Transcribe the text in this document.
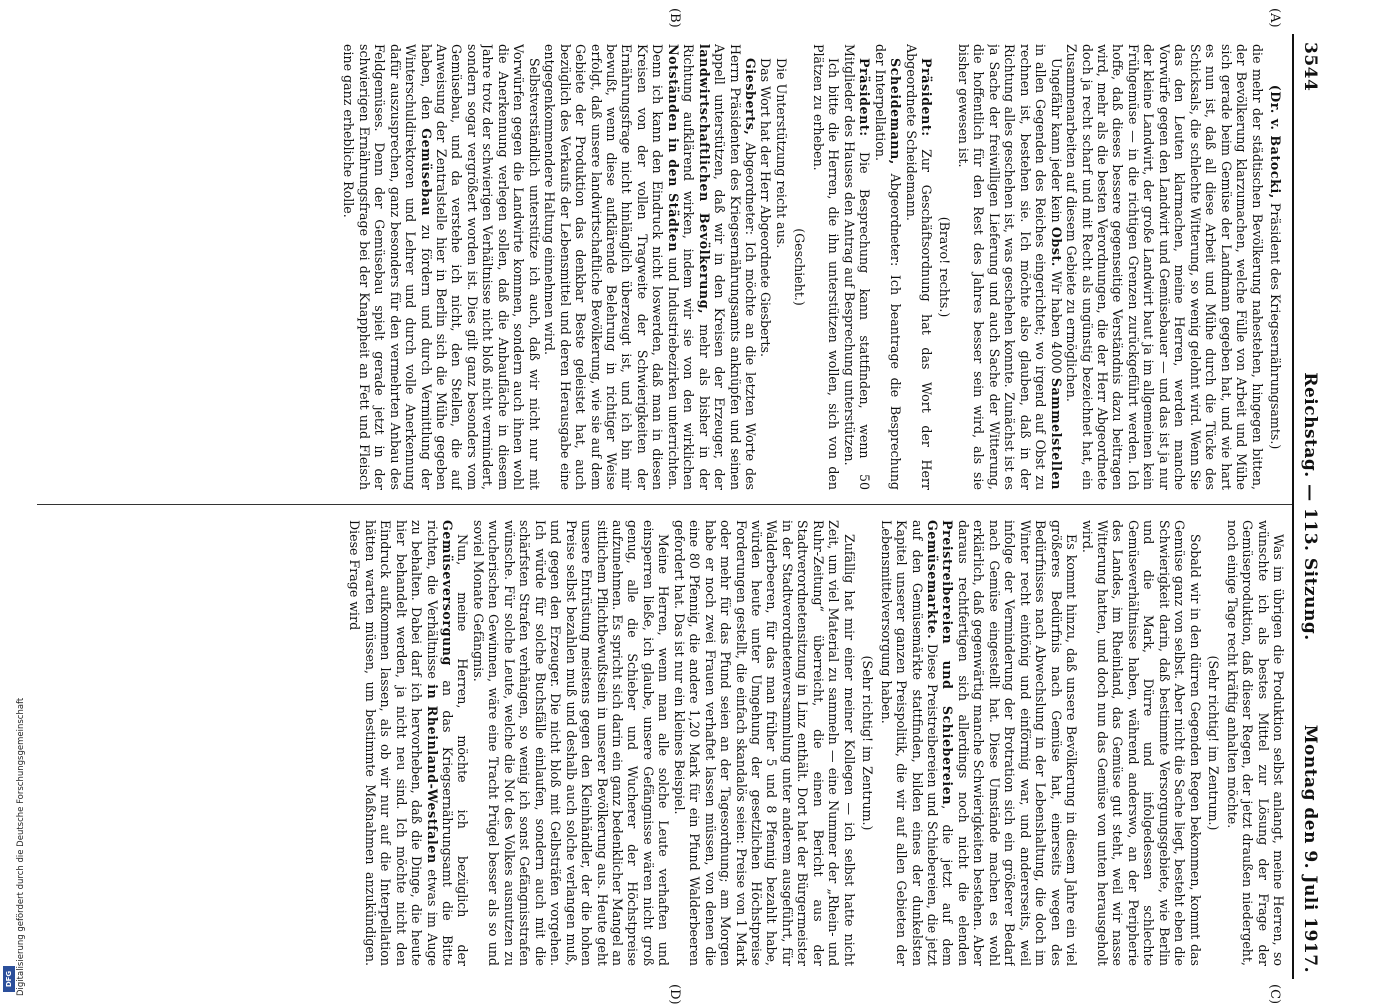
3544
Reichstag. — 113. Sitzung.
Montag den 9. Juli 1917.
(A)
(B)
(C)
(D)

(Dr. v. Batocki, Präsident des Kriegsernährungsamts.)

die mehr der städtischen Bevölkerung nahestehen, hingegen bitten, der Bevölkerung klarzumachen, welche Fülle von Arbeit und Mühe sich gerade beim Gemüse der Landmann gegeben hat, und wie hart es nun ist, daß all diese Arbeit und Mühe durch die Tücke des Schicksals, die schlechte Witterung, so wenig gelohnt wird. Wenn Sie das den Leuten klarmachen, meine Herren, werden manche Vorwürfe gegen den Landwirt und Gemüsebauer — und das ist ja nur der kleine Landwirt, der große Landwirt baut ja im allgemeinen kein Frühgemüse — in die richtigen Grenzen zurückgeführt werden. Ich hoffe, daß dieses bessere gegenseitige Verständnis dazu beitragen wird, mehr als die besten Verordnungen, die der Herr Abgeordnete doch ja recht scharf und mit Recht als ungünstig bezeichnet hat, ein Zusammenarbeiten auf diesem Gebiete zu ermöglichen.

Ungefähr kann jeder kein Obst. Wir haben 4000 Sammelstellen in allen Gegenden des Reiches eingerichtet; wo irgend auf Obst zu rechnen ist, bestehen sie. Ich möchte also glauben, daß in der Richtung alles geschehen ist, was geschehen konnte. Zunächst ist es ja Sache der freiwilligen Lieferung und auch Sache der Witterung, die hoffentlich für den Rest des Jahres besser sein wird, als sie bisher gewesen ist.

(Bravo! rechts.)

Präsident: Zur Geschäftsordnung hat das Wort der Herr Abgeordnete Scheidemann.

Scheidemann, Abgeordneter: Ich beantrage die Besprechung der Interpellation.

Präsident: Die Besprechung kann stattfinden, wenn 50 Mitglieder des Hauses den Antrag auf Besprechung unterstützen.

Ich bitte die Herren, die ihn unterstützen wollen, sich von den Plätzen zu erheben.

(Geschieht.)

Die Unterstützung reicht aus.

Das Wort hat der Herr Abgeordnete Giesberts.

Giesberts, Abgeordneter: Ich möchte an die letzten Worte des Herrn Präsidenten des Kriegsernährungsamts anknüpfen und seinen Appell unterstützen, daß wir in den Kreisen der Erzeuger, der landwirtschaftlichen Bevölkerung, mehr als bisher in der Richtung aufklärend wirken, indem wir sie von den wirklichen Notständen in den Städten und Industriebezirken unterrichten. Denn ich kann den Eindruck nicht loswerden, daß man in diesen Kreisen von der vollen Tragweite der Schwierigkeiten der Ernährungsfrage nicht hinlänglich überzeugt ist, und ich bin mir bewußt, wenn diese aufklärende Belehrung in richtiger Weise erfolgt, daß unsere landwirtschaftliche Bevölkerung, wie sie auf dem Gebiete der Produktion das denkbar Beste geleistet hat, auch bezüglich des Verkaufs der Lebensmittel und deren Herausgabe eine entgegenkommendere Haltung einnehmen wird.

Selbstverständlich unterstütze ich auch, daß wir nicht nur mit Vorwürfen gegen die Landwirte kommen, sondern auch ihnen wohl die Anerkennung verlegen sollen, daß die Anbaufläche in diesem Jahre trotz der schwierigen Verhältnisse nicht bloß nicht vermindert, sondern sogar vergrößert worden ist. Dies gilt ganz besonders vom Gemüsebau, und da verstehe ich nicht, den Stellen, die auf Anweisung der Zentralstelle hier in Berlin sich die Mühe gegeben haben, den Gemüsebau zu fördern und durch Vermittlung der Winterschuldirektoren und Lehrer und durch volle Anerkennung dafür auszusprechen, ganz besonders für den vermehrten Anbau des Feldgemüses. Denn der Gemüsebau spielt gerade jetzt in der schwierigen Ernährungsfrage bei der Knappheit an Fett und Fleisch eine ganz erhebliche Rolle.

Was im übrigen die Produktion selbst anlangt, meine Herren, so wünschte ich als bestes Mittel zur Lösung der Frage der Gemüseproduktion, daß dieser Regen, der jetzt draußen niedergeht, noch einige Tage recht kräftig anhalten möchte.

(Sehr richtig! im Zentrum.)

Sobald wir in den dürren Gegenden Regen bekommen, kommt das Gemüse ganz von selbst. Aber nicht die Sache liegt, besteht eben die Schwierigkeit darin, daß bestimmte Versorgungsgebiete, wie Berlin und die Mark, Dürre und infolgedessen schlechte Gemüseverhältnisse haben, während anderswo, an der Peripherie des Landes, im Rheinland, das Gemüse gut steht, weil wir nasse Witterung hatten, und doch nun das Gemüse von unten herausgeholt wird.

Es kommt hinzu, daß unsere Bevölkerung in diesem Jahre ein viel größeres Bedürfnis nach Gemüse hat, einerseits wegen des Bedürfnisses nach Abwechslung in der Lebenshaltung, die doch im Winter recht eintönig und einförmig war, und andererseits, weil infolge der Verminderung der Brotration sich ein größerer Bedarf nach Gemüse eingestellt hat. Diese Umstände machen es wohl erklärlich, daß gegenwärtig manche Schwierigkeiten bestehen. Aber daraus rechtfertigen sich allerdings noch nicht die elenden Preistreibereien und Schiebereien, die jetzt auf dem Gemüsemarkte. Diese Preistreibereien und Schiebereien, die jetzt auf den Gemüsemärkte stattfinden, bilden eines der dunkelsten Kapitel unserer ganzen Preispolitik, die wir auf allen Gebieten der Lebensmittelversorgung haben.

(Sehr richtig! im Zentrum.)

Zufällig hat mir einer meiner Kollegen — ich selbst hatte nicht Zeit, um viel Material zu sammeln — eine Nummer der „Rhein- und Ruhr-Zeitung“ überreicht, die einen Bericht aus der Stadtverordnetensitzung in Linz enthält. Dort hat der Bürgermeister in der Stadtverordnetenversammlung unter anderem ausgeführt, für Walderbeeren, für das man früher 5 und 8 Pfennig bezahlt habe, würden heute unter Umgehung der gesetzlichen Höchstpreise Forderungen gestellt, die einfach skandalös seien: Preise von 1 Mark oder mehr für das Pfund seien an der Tagesordnung; am Morgen habe er noch zwei Frauen verhaftet lassen müssen, von denen die eine 80 Pfennig, die andere 1,20 Mark für ein Pfund Walderbeeren gefordert hat. Das ist nur ein kleines Beispiel.

Meine Herren, wenn man alle solche Leute verhaften und einsperren ließe, ich glaube, unsere Gefängnisse wären nicht groß genug, alle die Schieber und Wucherer der Höchstpreise aufzunehmen. Es spricht sich darin ein ganz bedenklicher Mangel an sittlichem Pflichtbewußtsein in unserer Bevölkerung aus. Heute geht unsere Entrüstung meistens gegen den Kleinhändler, der die hohen Preise selbst bezahlen muß und deshalb auch solche verlangen muß, und gegen den Erzeuger. Die nicht bloß mit Gelbsträfen vorgehen. Ich würde für solche Buchsfälle einlaufen, sondern auch mit die schärfsten Strafen verhängen, so wenig ich sonst Gefängnisstrafen wünsche. Für solche Leute, welche die Not des Volkes ausnutzen zu wucherischen Gewinnen, wäre eine Tracht Prügel besser als so und soviel Monate Gefängnis.

Nun, meine Herren, möchte ich bezüglich der Gemüseversorgung an das Kriegsernährungsamt die Bitte richten, die Verhältnisse in Rheinland-Westfalen etwas im Auge zu behalten. Dabei darf ich hervorheben, daß die Dinge, die heute hier behandelt werden, ja nicht neu sind. Ich möchte nicht den Eindruck aufkommen lassen, als ob wir nur auf die Interpellation hätten warten müssen, um bestimmte Maßnahmen anzukündigen. Diese Frage wird

Digitalisierung gefördert durch die Deutsche Forschungsgemeinschaft
DFG
